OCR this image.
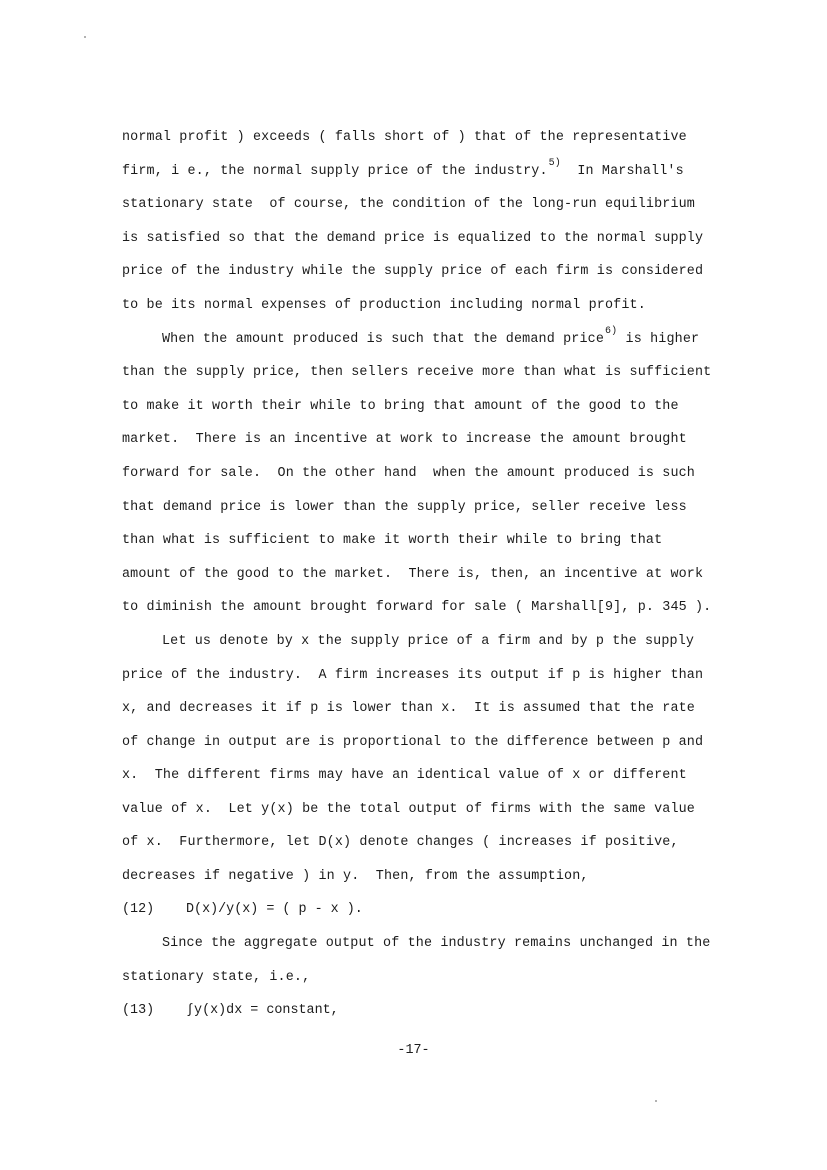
normal profit ) exceeds ( falls short of ) that of the representative
firm, i e., the normal supply price of the industry.$^{5)}$  In Marshall's
stationary state  of course, the condition of the long-run equilibrium
is satisfied so that the demand price is equalized to the normal supply
price of the industry while the supply price of each firm is considered
to be its normal expenses of production including normal profit.
When the amount produced is such that the demand price$^{6)}$ is higher
than the supply price, then sellers receive more than what is sufficient
to make it worth their while to bring that amount of the good to the
market.  There is an incentive at work to increase the amount brought
forward for sale.  On the other hand  when the amount produced is such
that demand price is lower than the supply price, seller receive less
than what is sufficient to make it worth their while to bring that
amount of the good to the market.  There is, then, an incentive at work
to diminish the amount brought forward for sale ( Marshall[9], p. 345 ).
Let us denote by x the supply price of a firm and by p the supply
price of the industry.  A firm increases its output if p is higher than
x, and decreases it if p is lower than x.  It is assumed that the rate
of change in output are is proportional to the difference between p and
x.  The different firms may have an identical value of x or different
value of x.  Let y(x) be the total output of firms with the same value
of x.  Furthermore, let D(x) denote changes ( increases if positive,
decreases if negative ) in y.  Then, from the assumption,
(12) D(x)/y(x) = ( p - x ).
Since the aggregate output of the industry remains unchanged in the
stationary state, i.e.,
(13) ∫y(x)dx = constant,
-17-
